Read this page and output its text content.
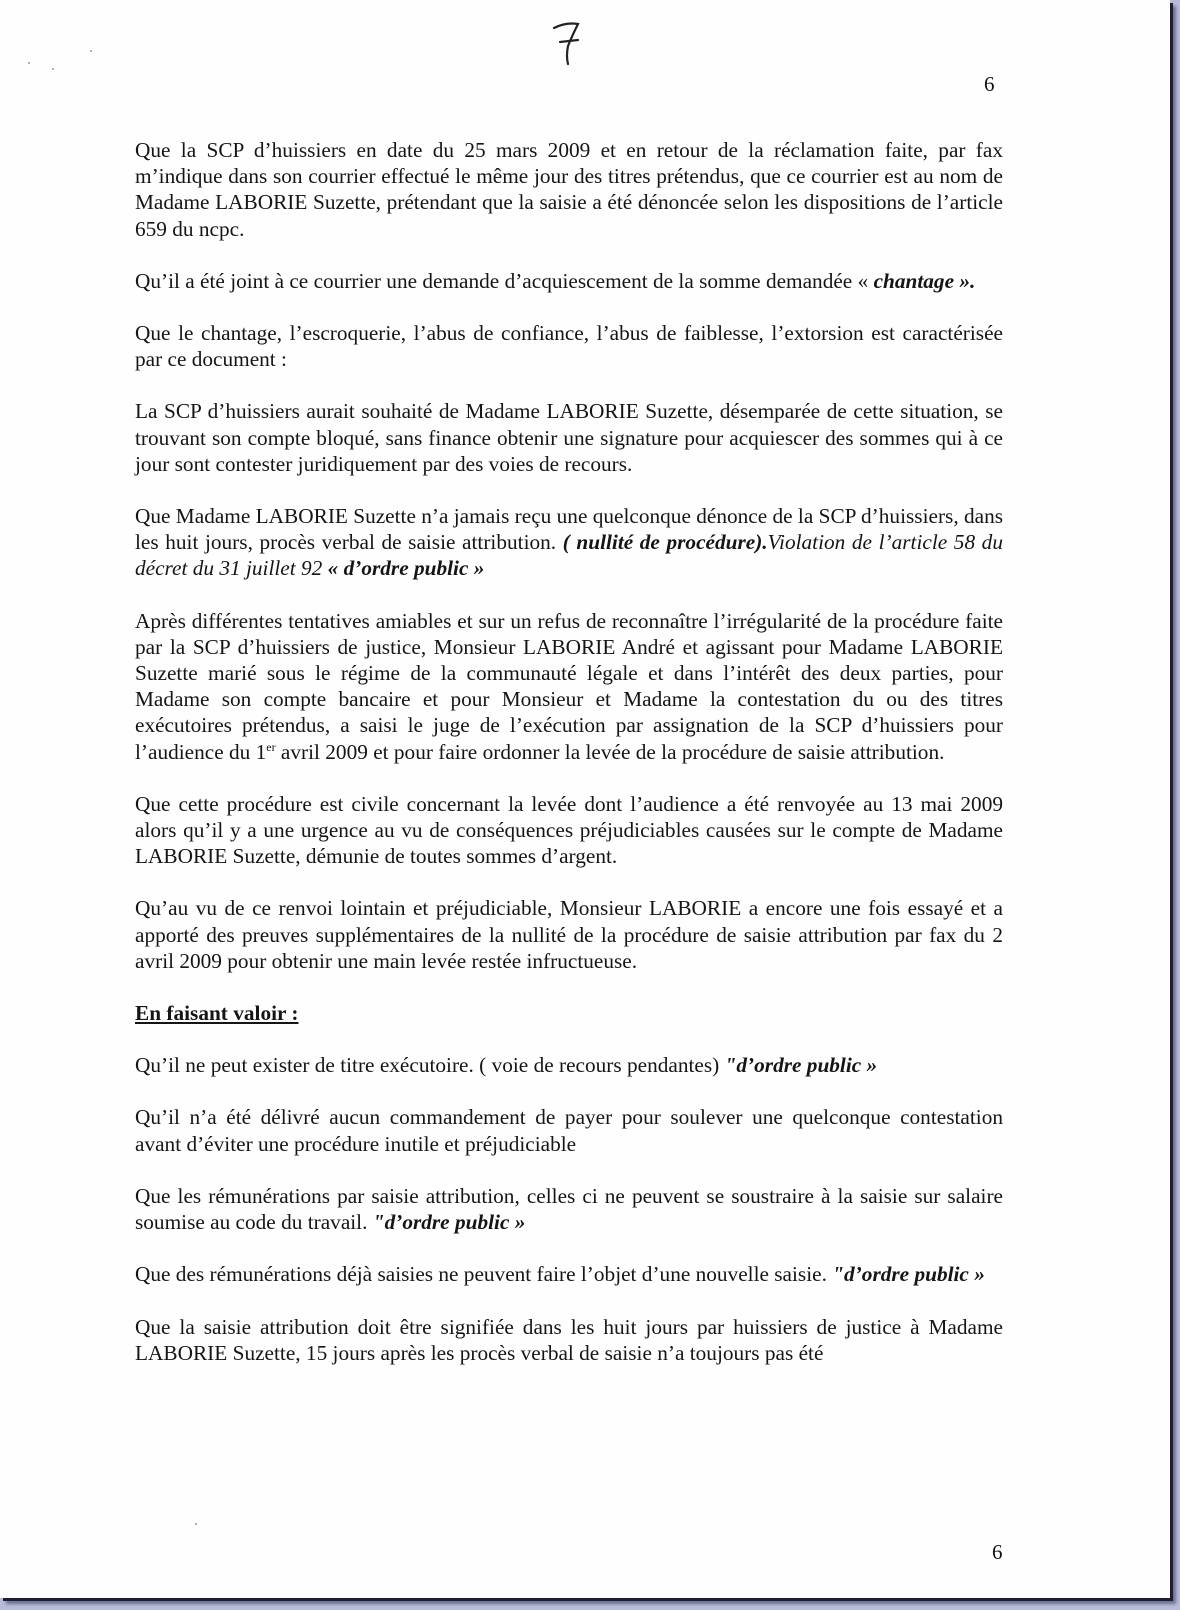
6

Que la SCP d’huissiers en date du 25 mars 2009 et en retour de la réclamation faite, par fax m’indique dans son courrier effectué le même jour des titres prétendus, que ce courrier est au nom de Madame LABORIE Suzette, prétendant que la saisie a été dénoncée selon les dispositions de l’article 659 du ncpc.

Qu’il a été joint à ce courrier une demande d’acquiescement de la somme demandée « chantage ».

Que le chantage, l’escroquerie, l’abus de confiance, l’abus de faiblesse, l’extorsion est caractérisée par ce document :

La SCP d’huissiers aurait souhaité de Madame LABORIE Suzette, désemparée de cette situation, se trouvant son compte bloqué, sans finance obtenir une signature pour acquiescer des sommes qui à ce jour sont contester juridiquement par des voies de recours.

Que Madame LABORIE Suzette n’a jamais reçu une quelconque dénonce de la SCP d’huissiers, dans les huit jours, procès verbal de saisie attribution. ( nullité de procédure).Violation de l’article 58 du décret du 31 juillet 92 « d’ordre public »

Après différentes tentatives amiables et sur un refus de reconnaître l’irrégularité de la procédure faite par la SCP d’huissiers de justice, Monsieur LABORIE André et agissant pour Madame LABORIE Suzette marié sous le régime de la communauté légale et dans l’intérêt des deux parties, pour Madame son compte bancaire et pour Monsieur et Madame la contestation du ou des titres exécutoires prétendus, a saisi le juge de l’exécution par assignation de la SCP d’huissiers pour l’audience du 1er avril 2009 et pour faire ordonner la levée de la procédure de saisie attribution.

Que cette procédure est civile concernant la levée dont l’audience a été renvoyée au 13 mai 2009 alors qu’il y a une urgence au vu de conséquences préjudiciables causées sur le compte de Madame LABORIE Suzette, démunie de toutes sommes d’argent.

Qu’au vu de ce renvoi lointain et préjudiciable, Monsieur LABORIE a encore une fois essayé et a apporté des preuves supplémentaires de la nullité de la procédure de saisie attribution par fax du 2 avril 2009 pour obtenir une main levée restée infructueuse.

En faisant valoir :

Qu’il ne peut exister de titre exécutoire. ( voie de recours pendantes) "d’ordre public »

Qu’il n’a été délivré aucun commandement de payer pour soulever une quelconque contestation avant d’éviter une procédure inutile et préjudiciable

Que les rémunérations par saisie attribution, celles ci ne peuvent se soustraire à la saisie sur salaire soumise au code du travail. "d’ordre public »

Que des rémunérations déjà saisies ne peuvent faire l’objet d’une nouvelle saisie. "d’ordre public »

Que la saisie attribution doit être signifiée dans les huit jours par huissiers de justice à Madame LABORIE Suzette, 15 jours après les procès verbal de saisie n’a toujours pas été

6
